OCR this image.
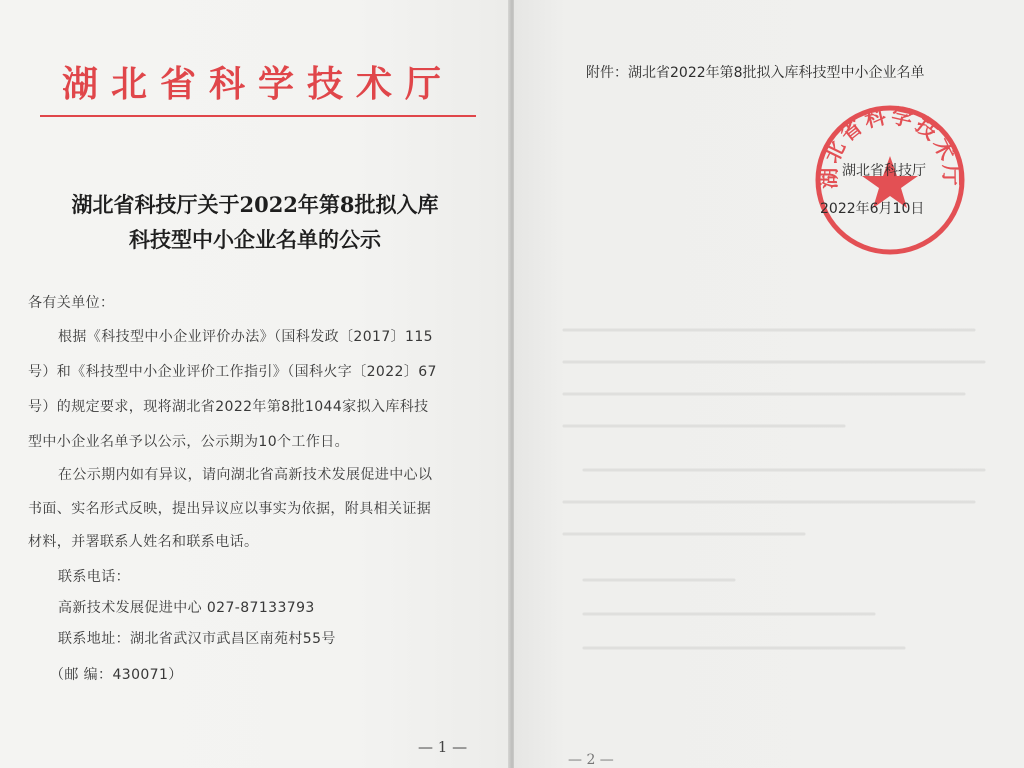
湖北省科学技术厅
湖北省科技厅关于2022年第8批拟入库
科技型中小企业名单的公示
各有关单位：
根据《科技型中小企业评价办法》（国科发政〔2017〕115
号）和《科技型中小企业评价工作指引》（国科火字〔2022〕67
号）的规定要求，现将湖北省2022年第8批1044家拟入库科技
型中小企业名单予以公示，公示期为10个工作日。
在公示期内如有异议，请向湖北省高新技术发展促进中心以
书面、实名形式反映，提出异议应以事实为依据，附具相关证据
材料，并署联系人姓名和联系电话。
联系电话：
高新技术发展促进中心 027-87133793
联系地址：湖北省武汉市武昌区南苑村55号
（邮 编：430071）
— 1 —
附件：湖北省2022年第8批拟入库科技型中小企业名单
湖北省科学技术厅
湖北省科技厅
2022年6月10日
— 2 —
